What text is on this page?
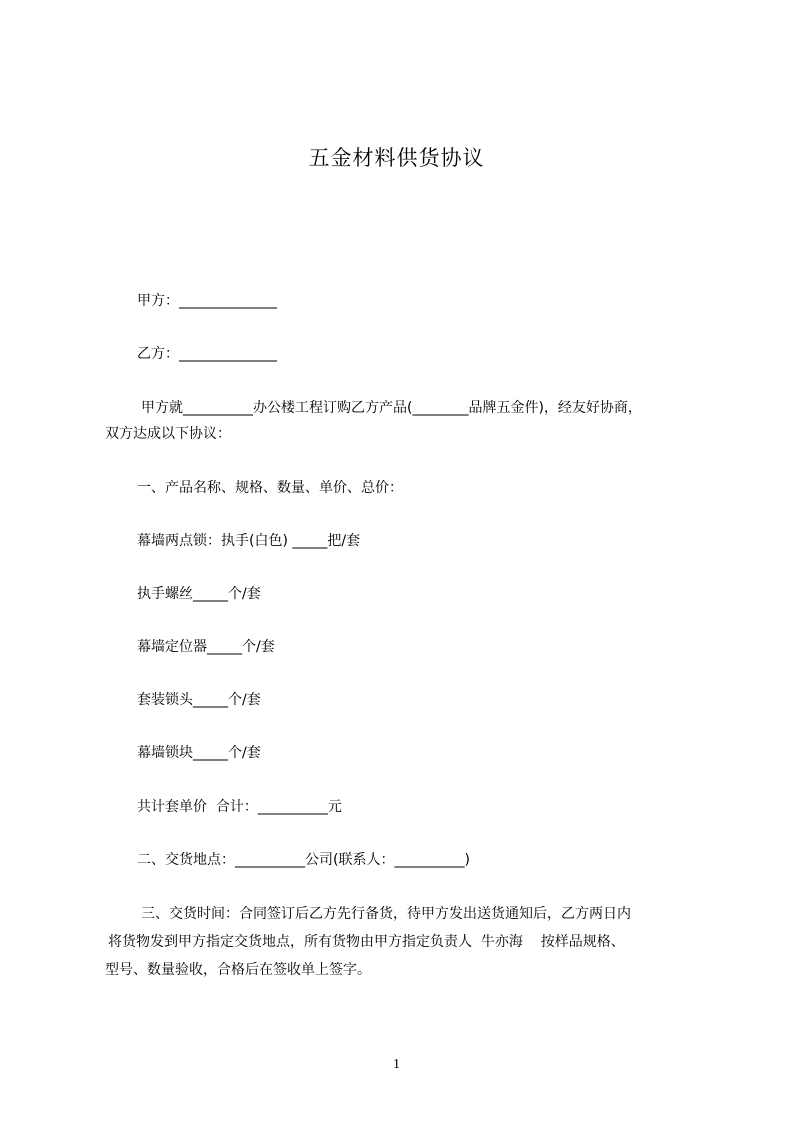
五金材料供货协议
甲方：______________
乙方：______________
甲方就__________办公楼工程订购乙方产品(________品牌五金件)，经友好协商，
双方达成以下协议：
一、产品名称、规格、数量、单价、总价：
幕墙两点锁：执手(白色) _____把/套
执手螺丝_____个/套
幕墙定位器_____个/套
套装锁头_____个/套
幕墙锁块_____个/套
共计套单价  合计：__________元
二、交货地点：__________公司(联系人：__________)
三、交货时间：合同签订后乙方先行备货，待甲方发出送货通知后，乙方两日内
将货物发到甲方指定交货地点，所有货物由甲方指定负责人  牛亦海    按样品规格、
型号、数量验收，合格后在签收单上签字。
1
